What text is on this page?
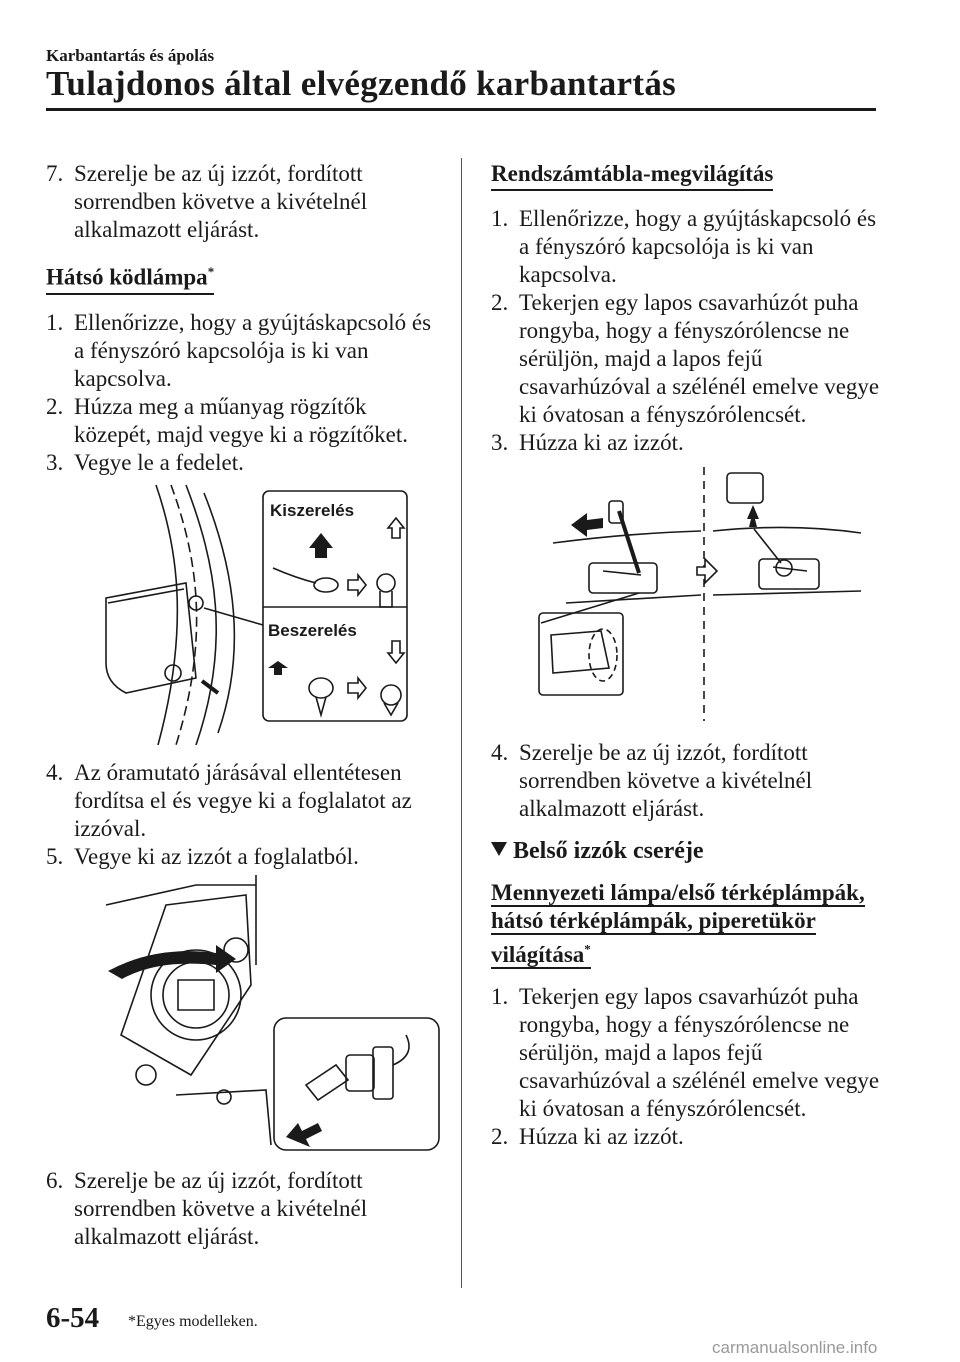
Karbantartás és ápolás
Tulajdonos által elvégzendő karbantartás
7. Szerelje be az új izzót, fordított sorrendben követve a kivételnél alkalmazott eljárást.
Hátsó ködlámpa*
1. Ellenőrizze, hogy a gyújtáskapcsoló és a fényszóró kapcsolója is ki van kapcsolva.
2. Húzza meg a műanyag rögzítők közepét, majd vegye ki a rögzítőket.
3. Vegye le a fedelet.
Kiszerelés
Beszerelés
4. Az óramutató járásával ellentétesen fordítsa el és vegye ki a foglalatot az izzóval.
5. Vegye ki az izzót a foglalatból.
6. Szerelje be az új izzót, fordított sorrendben követve a kivételnél alkalmazott eljárást.
Rendszámtábla-megvilágítás
1. Ellenőrizze, hogy a gyújtáskapcsoló és a fényszóró kapcsolója is ki van kapcsolva.
2. Tekerjen egy lapos csavarhúzót puha rongyba, hogy a fényszórólencse ne sérüljön, majd a lapos fejű csavarhúzóval a szélénél emelve vegye ki óvatosan a fényszórólencsét.
3. Húzza ki az izzót.
4. Szerelje be az új izzót, fordított sorrendben követve a kivételnél alkalmazott eljárást.
Belső izzók cseréje
Mennyezeti lámpa/első térképlámpák,
hátsó térképlámpák, piperetükör
világítása*
1. Tekerjen egy lapos csavarhúzót puha rongyba, hogy a fényszórólencse ne sérüljön, majd a lapos fejű csavarhúzóval a szélénél emelve vegye ki óvatosan a fényszórólencsét.
2. Húzza ki az izzót.
6-54 *Egyes modelleken.
carmanualsonline.info
